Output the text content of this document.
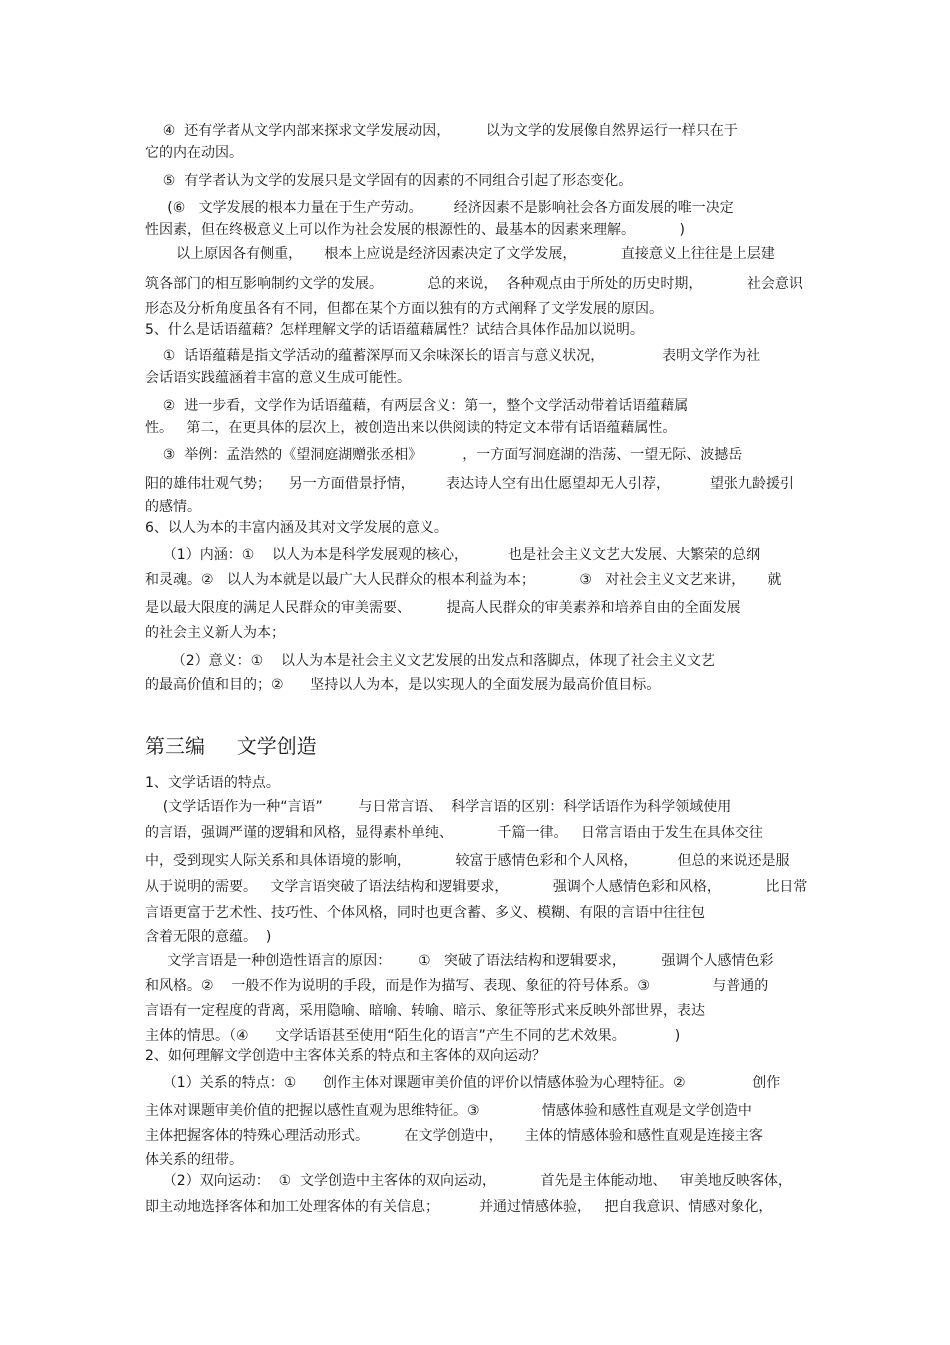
④  还有学者从文学内部来探求文学发展动因，        以为文学的发展像自然界运行一样只在于

它的内在动因。

⑤  有学者认为文学的发展只是文学固有的因素的不同组合引起了形态变化。

(⑥   文学发展的根本力量在于生产劳动。       经济因素不是影响社会各方面发展的唯一决定

性因素，但在终极意义上可以作为社会发展的根源性的、最基本的因素来理解。          )

以上原因各有侧重，     根本上应说是经济因素决定了文学发展，          直接意义上往往是上层建

筑各部门的相互影响制约文学的发展。          总的来说，  各种观点由于所处的历史时期，          社会意识

形态及分析角度虽各有不同，但都在某个方面以独有的方式阐释了文学发展的原因。

5、什么是话语蕴藉？怎样理解文学的话语蕴藉属性？试结合具体作品加以说明。

①  话语蕴藉是指文学活动的蕴蓄深厚而又余味深长的语言与意义状况，             表明文学作为社

会话语实践蕴涵着丰富的意义生成可能性。

②  进一步看，文学作为话语蕴藉，有两层含义：第一，整个文学活动带着话语蕴藉属

性。   第二，在更具体的层次上，被创造出来以供阅读的特定文本带有话语蕴藉属性。

③  举例：孟浩然的《望洞庭湖赠张丞相》         ，一方面写洞庭湖的浩荡、一望无际、波撼岳

阳的雄伟壮观气势；    另一方面借景抒情，       表达诗人空有出仕愿望却无人引荐，         望张九龄援引

的感情。

6、以人为本的丰富内涵及其对文学发展的意义。

（1）内涵：①    以人为本是科学发展观的核心，         也是社会主义文艺大发展、大繁荣的总纲

和灵魂。②   以人为本就是以最广大人民群众的根本利益为本；          ③   对社会主义文艺来讲，     就

是以最大限度的满足人民群众的审美需要、        提高人民群众的审美素养和培养自由的全面发展

的社会主义新人为本；

（2）意义：①    以人为本是社会主义文艺发展的出发点和落脚点，体现了社会主义文艺

的最高价值和目的；②      坚持以人为本，是以实现人的全面发展为最高价值目标。

第三编     文学创造

1、文学话语的特点。

(文学话语作为一种“言语”        与日常言语、  科学言语的区别：科学话语作为科学领域使用

的言语，强调严谨的逻辑和风格，显得素朴单纯、          千篇一律。   日常言语由于发生在具体交往

中，受到现实人际关系和具体语境的影响，          较富于感情色彩和个人风格，         但总的来说还是服

从于说明的需要。   文学言语突破了语法结构和逻辑要求，          强调个人感情色彩和风格，          比日常

言语更富于艺术性、技巧性、个体风格，同时也更含蓄、多义、模糊、有限的言语中往往包

含着无限的意蕴。  )

文学言语是一种创造性语言的原因：      ①   突破了语法结构和逻辑要求，        强调个人感情色彩

和风格。②    一般不作为说明的手段，而是作为描写、表现、象征的符号体系。③              与普通的

言语有一定程度的背离，采用隐喻、暗喻、转喻、暗示、象征等形式来反映外部世界，表达

主体的情思。（④      文学话语甚至使用“陌生化的语言”产生不同的艺术效果。           )

2、如何理解文学创造中主客体关系的特点和主客体的双向运动？

（1）关系的特点：①      创作主体对课题审美价值的评价以情感体验为心理特征。②               创作

主体对课题审美价值的把握以感性直观为思维特征。③              情感体验和感性直观是文学创造中

主体把握客体的特殊心理活动形式。        在文学创造中，     主体的情感体验和感性直观是连接主客

体关系的纽带。

（2）双向运动：  ①  文学创造中主客体的双向运动，          首先是主体能动地、   审美地反映客体，

即主动地选择客体和加工处理客体的有关信息；         并通过情感体验，   把自我意识、情感对象化，
